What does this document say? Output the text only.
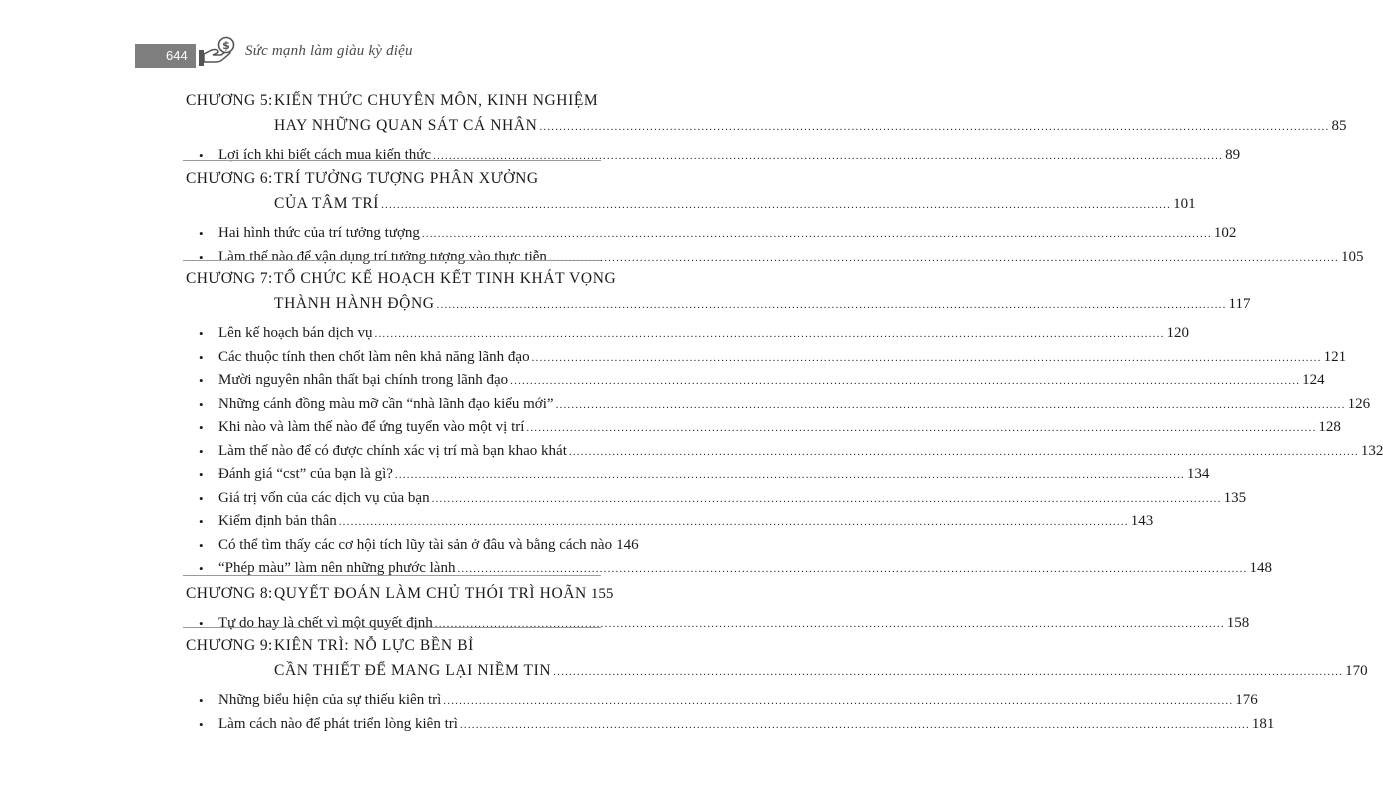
644
$ Sức mạnh làm giàu kỳ diệu
CHƯƠNG 5: KIẾN THỨC CHUYÊN MÔN, KINH NGHIỆM
HAY NHỮNG QUAN SÁT CÁ NHÂN ........................................................................................................................................................................................................ 85
• Lợi ích khi biết cách mua kiến thức ........................................................................................................................................................................................................ 89
CHƯƠNG 6: TRÍ TƯỞNG TƯỢNG PHÂN XƯỞNG
CỦA TÂM TRÍ ........................................................................................................................................................................................................ 101
• Hai hình thức của trí tưởng tượng ........................................................................................................................................................................................................ 102
• Làm thế nào để vận dụng trí tưởng tượng vào thực tiễn ........................................................................................................................................................................................................ 105
CHƯƠNG 7: TỔ CHỨC KẾ HOẠCH KẾT TINH KHÁT VỌNG
THÀNH HÀNH ĐỘNG ........................................................................................................................................................................................................ 117
• Lên kế hoạch bán dịch vụ ........................................................................................................................................................................................................ 120
• Các thuộc tính then chốt làm nên khả năng lãnh đạo ........................................................................................................................................................................................................ 121
• Mười nguyên nhân thất bại chính trong lãnh đạo ........................................................................................................................................................................................................ 124
• Những cánh đồng màu mỡ cần “nhà lãnh đạo kiểu mới” ........................................................................................................................................................................................................ 126
• Khi nào và làm thế nào để ứng tuyển vào một vị trí ........................................................................................................................................................................................................ 128
• Làm thế nào để có được chính xác vị trí mà bạn khao khát ........................................................................................................................................................................................................ 132
• Đánh giá “cst” của bạn là gì? ........................................................................................................................................................................................................ 134
• Giá trị vốn của các dịch vụ của bạn ........................................................................................................................................................................................................ 135
• Kiểm định bản thân ........................................................................................................................................................................................................ 143
• Có thể tìm thấy các cơ hội tích lũy tài sản ở đâu và bằng cách nào 146
• “Phép màu” làm nên những phước lành ........................................................................................................................................................................................................ 148
CHƯƠNG 8: QUYẾT ĐOÁN LÀM CHỦ THÓI TRÌ HOÃN 155
• Tự do hay là chết vì một quyết định ........................................................................................................................................................................................................ 158
CHƯƠNG 9: KIÊN TRÌ: NỖ LỰC BỀN BỈ
CẦN THIẾT ĐỂ MANG LẠI NIỀM TIN ........................................................................................................................................................................................................ 170
• Những biểu hiện của sự thiếu kiên trì ........................................................................................................................................................................................................ 176
• Làm cách nào để phát triển lòng kiên trì ........................................................................................................................................................................................................ 181
